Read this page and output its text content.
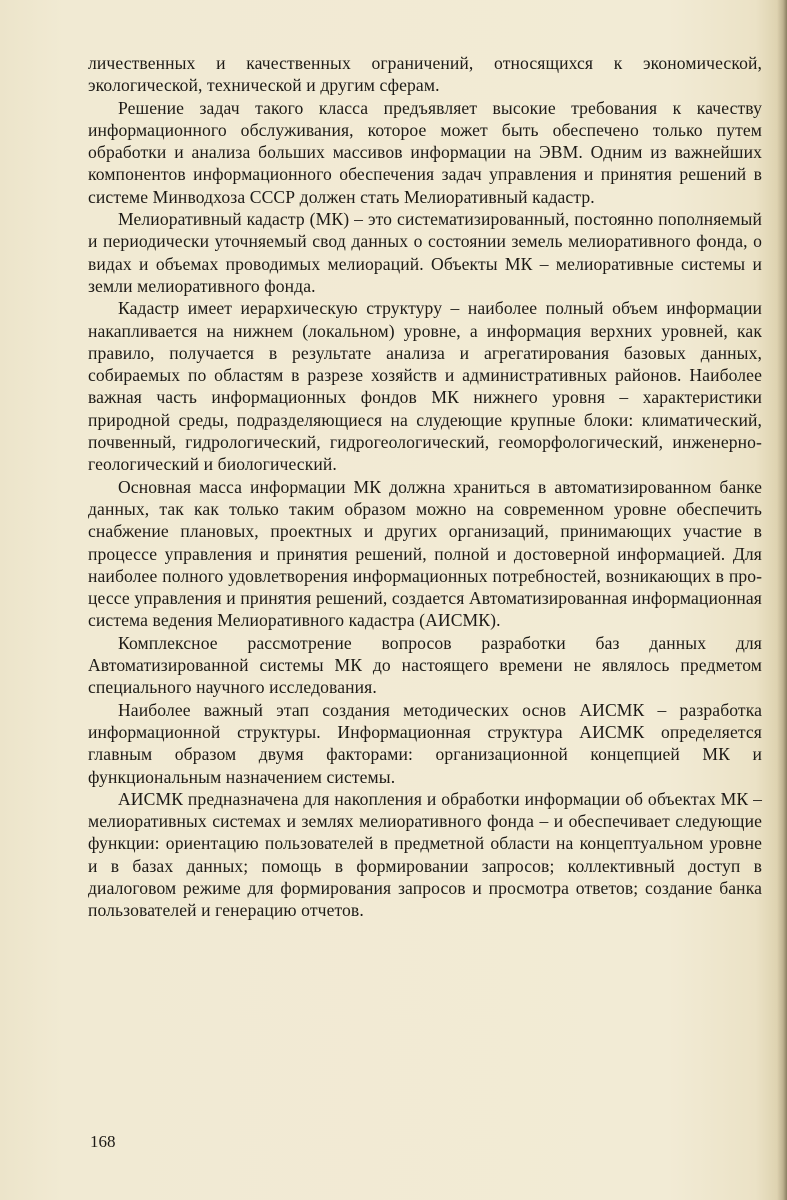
личественных и качественных ограничений, относящихся к экономической, экологической, технической и другим сферам.

Решение задач такого класса предъявляет высокие требования к качеству информационного обслуживания, которое может быть обеспечено только путем обработки и анализа больших массивов информации на ЭВМ. Одним из важнейших компонентов информационного обеспечения задач управления и принятия решений в системе Минводхоза СССР должен стать Мелиоративный кадастр.

Мелиоративный кадастр (МК) – это систематизированный, постоянно пополняемый и периодически уточняемый свод данных о состоянии земель мелиоративного фонда, о видах и объемах проводимых мелиораций. Объекты МК – мелиоративные системы и земли мелиоративного фонда.

Кадастр имеет иерархическую структуру – наиболее полный объем информации накапливается на нижнем (локальном) уровне, а информация верхних уровней, как правило, получается в результате анализа и агрегатирования базовых данных, собираемых по областям в разрезе хозяйств и административных районов. Наиболее важная часть информационных фондов МК нижнего уровня – характеристики природной среды, подразделяющиеся на слудеющие крупные блоки: климатический, почвенный, гидрологический, гидрогеологический, геоморфологический, инженерно-геологический и биологический.

Основная масса информации МК должна храниться в автоматизированном банке данных, так как только таким образом можно на современном уровне обеспечить снабжение плановых, проектных и других организаций, принимающих участие в процессе управления и принятия решений, полной и достоверной информацией. Для наиболее полного удовлетворения информационных потребностей, возникающих в процессе управления и принятия решений, создается Автоматизированная информационная система ведения Мелиоративного кадастра (АИСМК).

Комплексное рассмотрение вопросов разработки баз данных для Автоматизированной системы МК до настоящего времени не являлось предметом специального научного исследования.

Наиболее важный этап создания методических основ АИСМК – разработка информационной структуры. Информационная структура АИСМК определяется главным образом двумя факторами: организационной концепцией МК и функциональным назначением системы.

АИСМК предназначена для накопления и обработки информации об объектах МК – мелиоративных системах и землях мелиоративного фонда – и обеспечивает следующие функции: ориентацию пользователей в предметной области на концептуальном уровне и в базах данных; помощь в формировании запросов; коллективный доступ в диалоговом режиме для формирования запросов и просмотра ответов; создание банка пользователей и генерацию отчетов.

168
